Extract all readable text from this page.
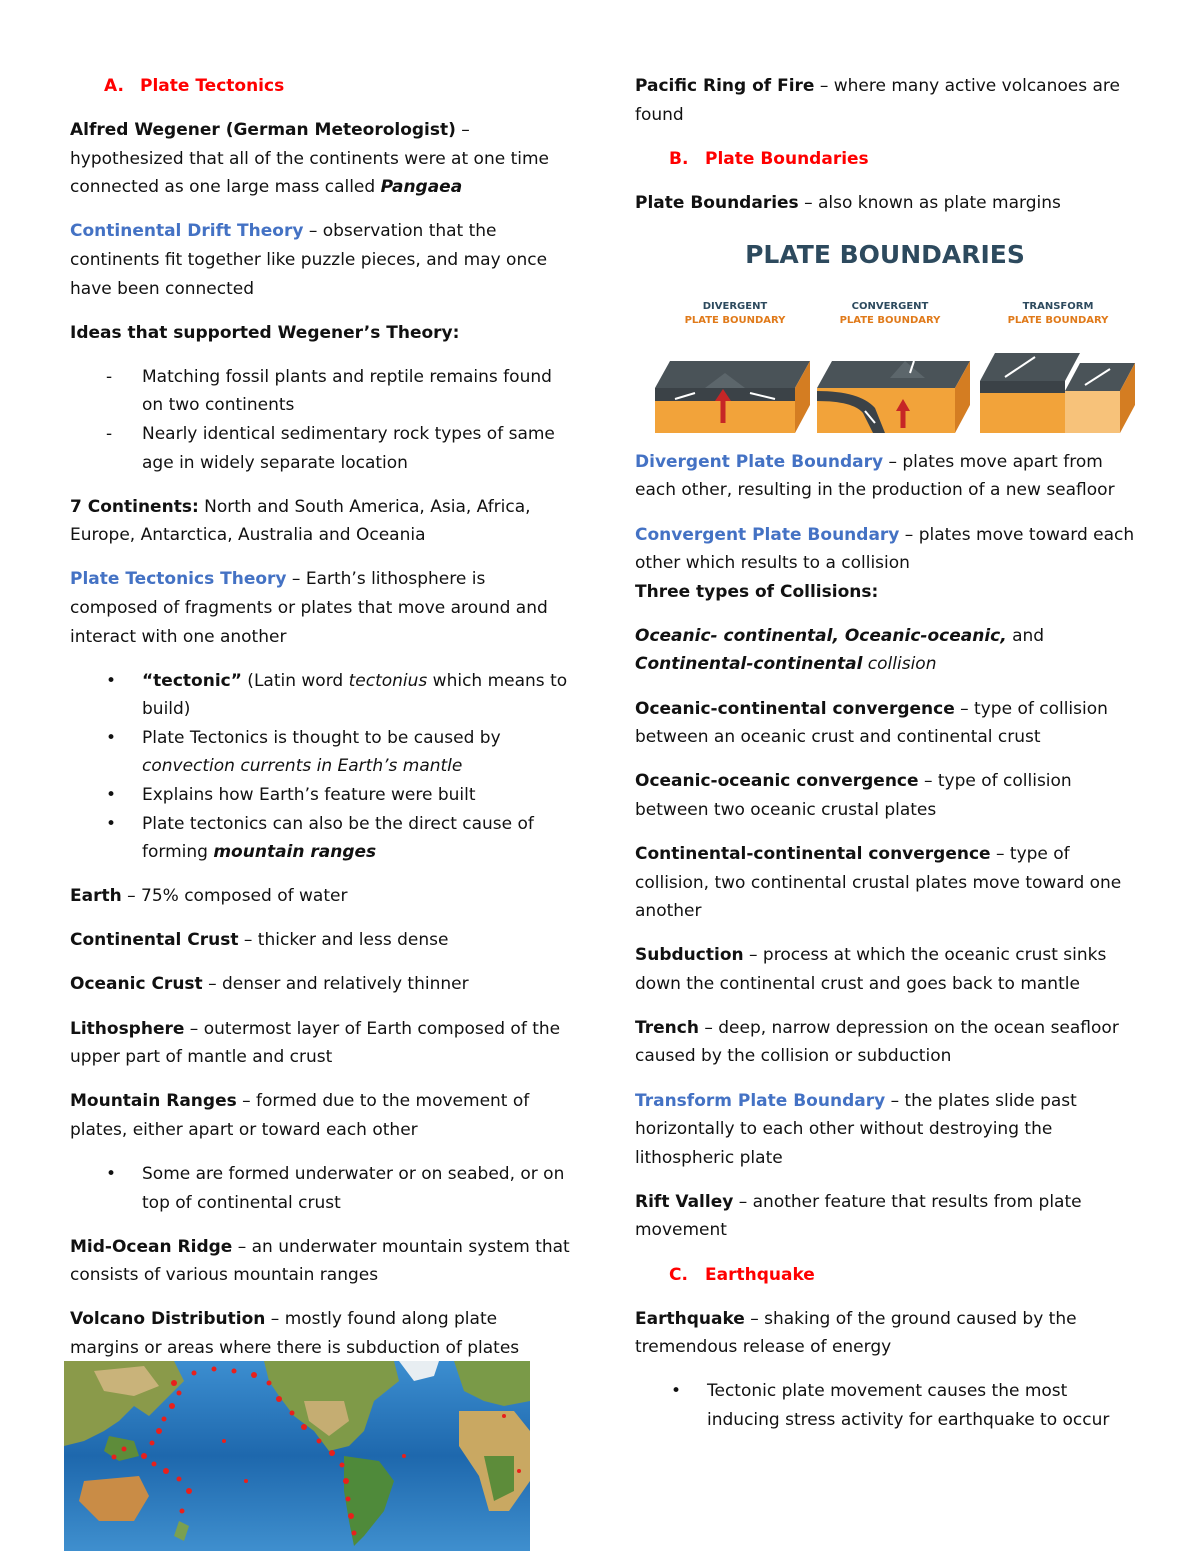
A. Plate Tectonics

Alfred Wegener (German Meteorologist) – hypothesized that all of the continents were at one time connected as one large mass called Pangaea

Continental Drift Theory – observation that the continents fit together like puzzle pieces, and may once have been connected

Ideas that supported Wegener’s Theory:

- Matching fossil plants and reptile remains found on two continents
- Nearly identical sedimentary rock types of same age in widely separate location

7 Continents: North and South America, Asia, Africa, Europe, Antarctica, Australia and Oceania

Plate Tectonics Theory – Earth’s lithosphere is composed of fragments or plates that move around and interact with one another

• “tectonic” (Latin word tectonius which means to build)
• Plate Tectonics is thought to be caused by convection currents in Earth’s mantle
• Explains how Earth’s feature were built
• Plate tectonics can also be the direct cause of forming mountain ranges

Earth – 75% composed of water

Continental Crust – thicker and less dense

Oceanic Crust – denser and relatively thinner

Lithosphere – outermost layer of Earth composed of the upper part of mantle and crust

Mountain Ranges – formed due to the movement of plates, either apart or toward each other

• Some are formed underwater or on seabed, or on top of continental crust

Mid-Ocean Ridge – an underwater mountain system that consists of various mountain ranges

Volcano Distribution – mostly found along plate margins or areas where there is subduction of plates

Pacific Ring of Fire – where many active volcanoes are found

B. Plate Boundaries

Plate Boundaries – also known as plate margins

PLATE BOUNDARIES
DIVERGENT
PLATE BOUNDARY
CONVERGENT
PLATE BOUNDARY
TRANSFORM
PLATE BOUNDARY

Divergent Plate Boundary – plates move apart from each other, resulting in the production of a new seafloor

Convergent Plate Boundary – plates move toward each other which results to a collision

Three types of Collisions:

Oceanic- continental, Oceanic-oceanic, and Continental-continental collision

Oceanic-continental convergence – type of collision between an oceanic crust and continental crust

Oceanic-oceanic convergence – type of collision between two oceanic crustal plates

Continental-continental convergence – type of collision, two continental crustal plates move toward one another

Subduction – process at which the oceanic crust sinks down the continental crust and goes back to mantle

Trench – deep, narrow depression on the ocean seafloor caused by the collision or subduction

Transform Plate Boundary – the plates slide past horizontally to each other without destroying the lithospheric plate

Rift Valley – another feature that results from plate movement

C. Earthquake

Earthquake – shaking of the ground caused by the tremendous release of energy

• Tectonic plate movement causes the most inducing stress activity for earthquake to occur
